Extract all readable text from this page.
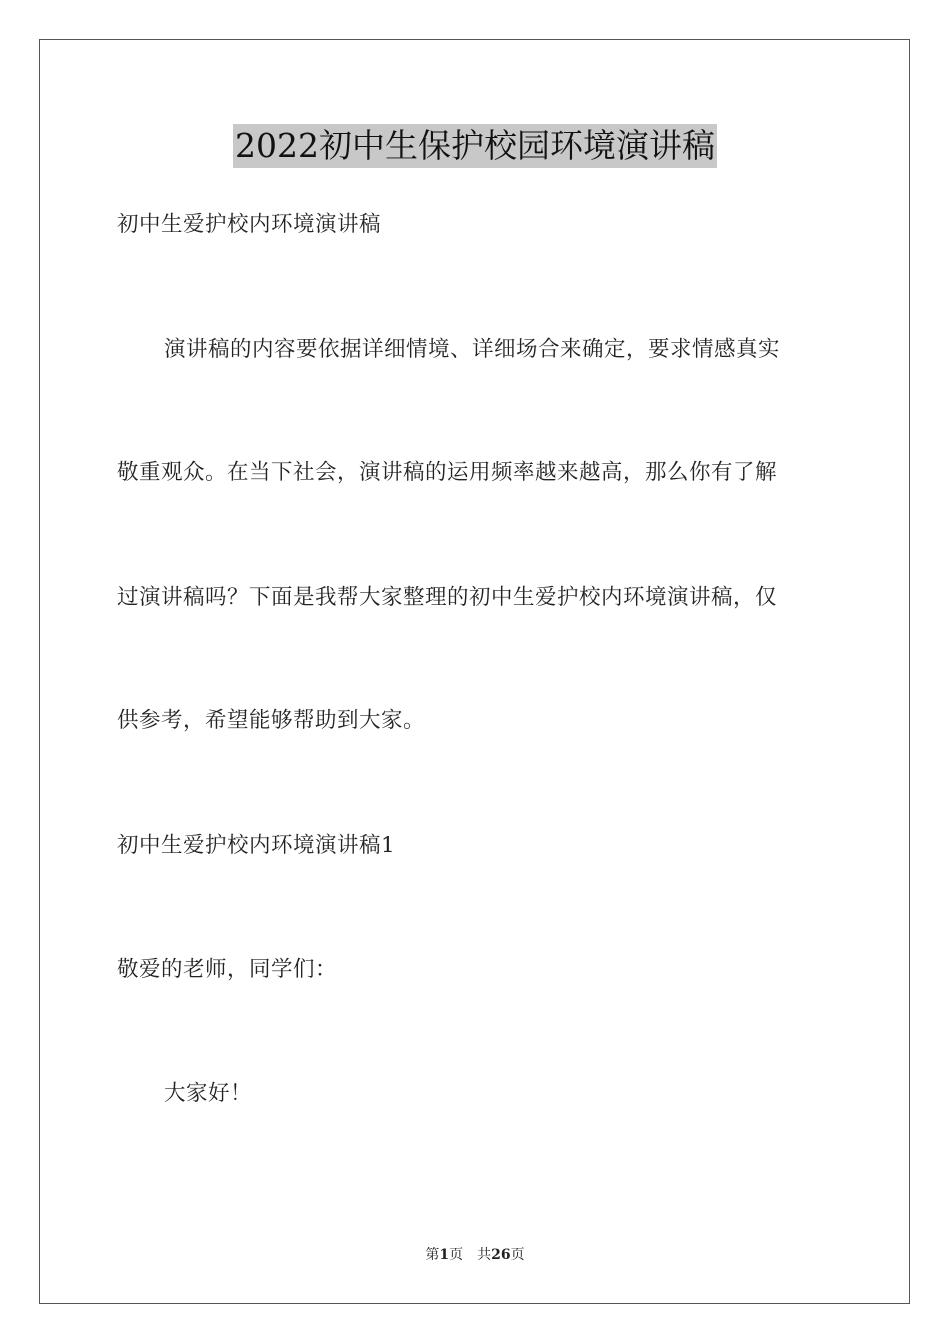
2022初中生保护校园环境演讲稿
初中生爱护校内环境演讲稿
演讲稿的内容要依据详细情境、详细场合来确定，要求情感真实
敬重观众。在当下社会，演讲稿的运用频率越来越高，那么你有了解
过演讲稿吗？下面是我帮大家整理的初中生爱护校内环境演讲稿，仅
供参考，希望能够帮助到大家。
初中生爱护校内环境演讲稿1
敬爱的老师，同学们：
大家好！
第1页 共26页
